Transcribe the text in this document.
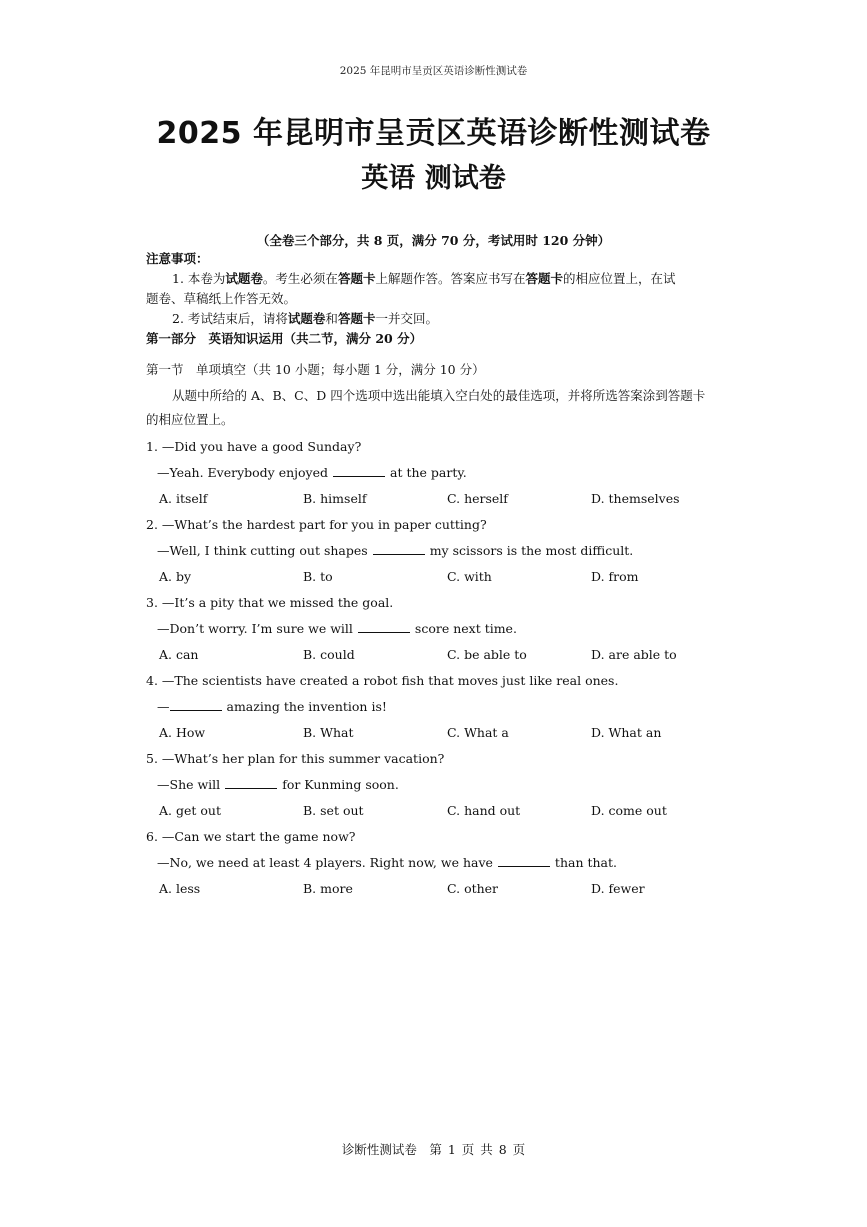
2025 年昆明市呈贡区英语诊断性测试卷
2025 年昆明市呈贡区英语诊断性测试卷
英语 测试卷
（全卷三个部分，共 8 页，满分 70 分，考试用时 120 分钟）
注意事项：
1. 本卷为试题卷。考生必须在答题卡上解题作答。答案应书写在答题卡的相应位置上，在试
题卷、草稿纸上作答无效。
2. 考试结束后，请将试题卷和答题卡一并交回。
第一部分　英语知识运用（共二节，满分 20 分）
第一节　单项填空（共 10 小题；每小题 1 分，满分 10 分）
从题中所给的 A、B、C、D 四个选项中选出能填入空白处的最佳选项，并将所选答案涂到答题卡
的相应位置上。
1. —Did you have a good Sunday?
—Yeah. Everybody enjoyed	at the party.
A. itself	B. himself	C. herself	D. themselves
2. —What’s the hardest part for you in paper cutting?
—Well, I think cutting out shapes	my scissors is the most difficult.
A. by	B. to	C. with	D. from
3. —It’s a pity that we missed the goal.
—Don’t worry. I’m sure we will	score next time.
A. can	B. could	C. be able to	D. are able to
4. —The scientists have created a robot fish that moves just like real ones.
—	amazing the invention is!
A. How	B. What	C. What a	D. What an
5. —What’s her plan for this summer vacation?
—She will	for Kunming soon.
A. get out	B. set out	C. hand out	D. come out
6. —Can we start the game now?
—No, we need at least 4 players. Right now, we have	than that.
A. less	B. more	C. other	D. fewer
诊断性测试卷　第 1 页 共 8 页
